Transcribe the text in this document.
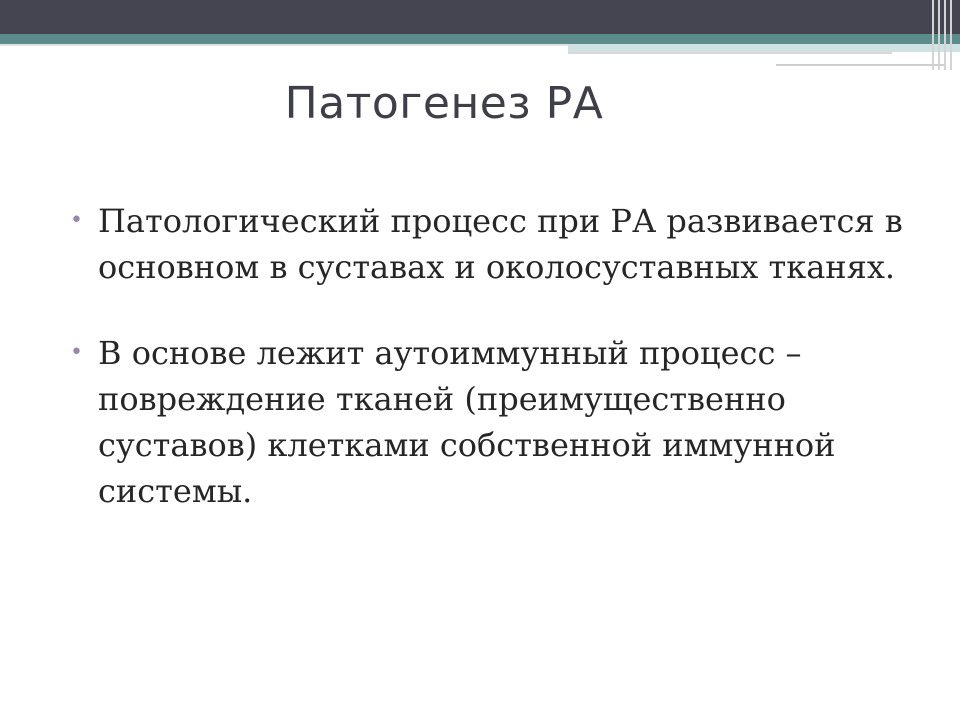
Патогенез РА
• Патологический процесс при РА развивается в основном в суставах и околосуставных тканях.
• В основе лежит аутоиммунный процесс – повреждение тканей (преимущественно суставов) клетками собственной иммунной системы.
